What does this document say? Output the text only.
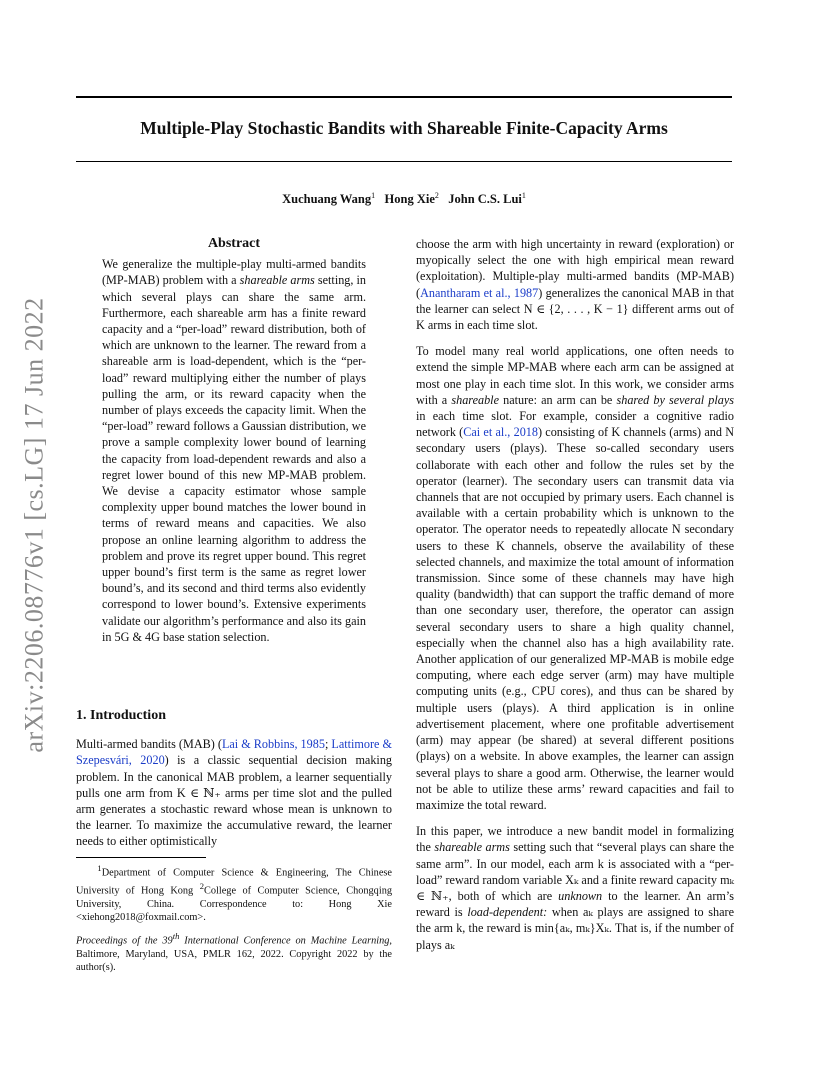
arXiv:2206.08776v1 [cs.LG] 17 Jun 2022
Multiple-Play Stochastic Bandits with Shareable Finite-Capacity Arms
Xuchuang Wang$^1$ Hong Xie$^2$ John C.S. Lui$^1$
Abstract

We generalize the multiple-play multi-armed bandits (MP-MAB) problem with a shareable arms setting, in which several plays can share the same arm. Furthermore, each shareable arm has a finite reward capacity and a “per-load” reward distribution, both of which are unknown to the learner. The reward from a shareable arm is load-dependent, which is the “per-load” reward multiplying either the number of plays pulling the arm, or its reward capacity when the number of plays exceeds the capacity limit. When the “per-load” reward follows a Gaussian distribution, we prove a sample complexity lower bound of learning the capacity from load-dependent rewards and also a regret lower bound of this new MP-MAB problem. We devise a capacity estimator whose sample complexity upper bound matches the lower bound in terms of reward means and capacities. We also propose an online learning algorithm to address the problem and prove its regret upper bound. This regret upper bound’s first term is the same as regret lower bound’s, and its second and third terms also evidently correspond to lower bound’s. Extensive experiments validate our algorithm’s performance and also its gain in 5G & 4G base station selection.

1. Introduction

Multi-armed bandits (MAB) (Lai & Robbins, 1985; Lattimore & Szepesvári, 2020) is a classic sequential decision making problem. In the canonical MAB problem, a learner sequentially pulls one arm from K ∈ ℕ₊ arms per time slot and the pulled arm generates a stochastic reward whose mean is unknown to the learner. To maximize the accumulative reward, the learner needs to either optimistically

$^1$Department of Computer Science & Engineering, The Chinese University of Hong Kong $^2$College of Computer Science, Chongqing University, China. Correspondence to: Hong Xie <xiehong2018@foxmail.com>.
Proceedings of the 39th International Conference on Machine Learning, Baltimore, Maryland, USA, PMLR 162, 2022. Copyright 2022 by the author(s).

choose the arm with high uncertainty in reward (exploration) or myopically select the one with high empirical mean reward (exploitation). Multiple-play multi-armed bandits (MP-MAB) (Anantharam et al., 1987) generalizes the canonical MAB in that the learner can select N ∈ {2, . . . , K − 1} different arms out of K arms in each time slot.

To model many real world applications, one often needs to extend the simple MP-MAB where each arm can be assigned at most one play in each time slot. In this work, we consider arms with a shareable nature: an arm can be shared by several plays in each time slot. For example, consider a cognitive radio network (Cai et al., 2018) consisting of K channels (arms) and N secondary users (plays). These so-called secondary users collaborate with each other and follow the rules set by the operator (learner). The secondary users can transmit data via channels that are not occupied by primary users. Each channel is available with a certain probability which is unknown to the operator. The operator needs to repeatedly allocate N secondary users to these K channels, observe the availability of these selected channels, and maximize the total amount of information transmission. Since some of these channels may have high quality (bandwidth) that can support the traffic demand of more than one secondary user, therefore, the operator can assign several secondary users to share a high quality channel, especially when the channel also has a high availability rate. Another application of our generalized MP-MAB is mobile edge computing, where each edge server (arm) may have multiple computing units (e.g., CPU cores), and thus can be shared by multiple users (plays). A third application is in online advertisement placement, where one profitable advertisement (arm) may appear (be shared) at several different positions (plays) on a website. In above examples, the learner can assign several plays to share a good arm. Otherwise, the learner would not be able to utilize these arms’ reward capacities and fail to maximize the total reward.

In this paper, we introduce a new bandit model in formalizing the shareable arms setting such that “several plays can share the same arm”. In our model, each arm k is associated with a “per-load” reward random variable Xₖ and a finite reward capacity mₖ ∈ ℕ₊, both of which are unknown to the learner. An arm’s reward is load-dependent: when aₖ plays are assigned to share the arm k, the reward is min{aₖ, mₖ}Xₖ. That is, if the number of plays aₖ
